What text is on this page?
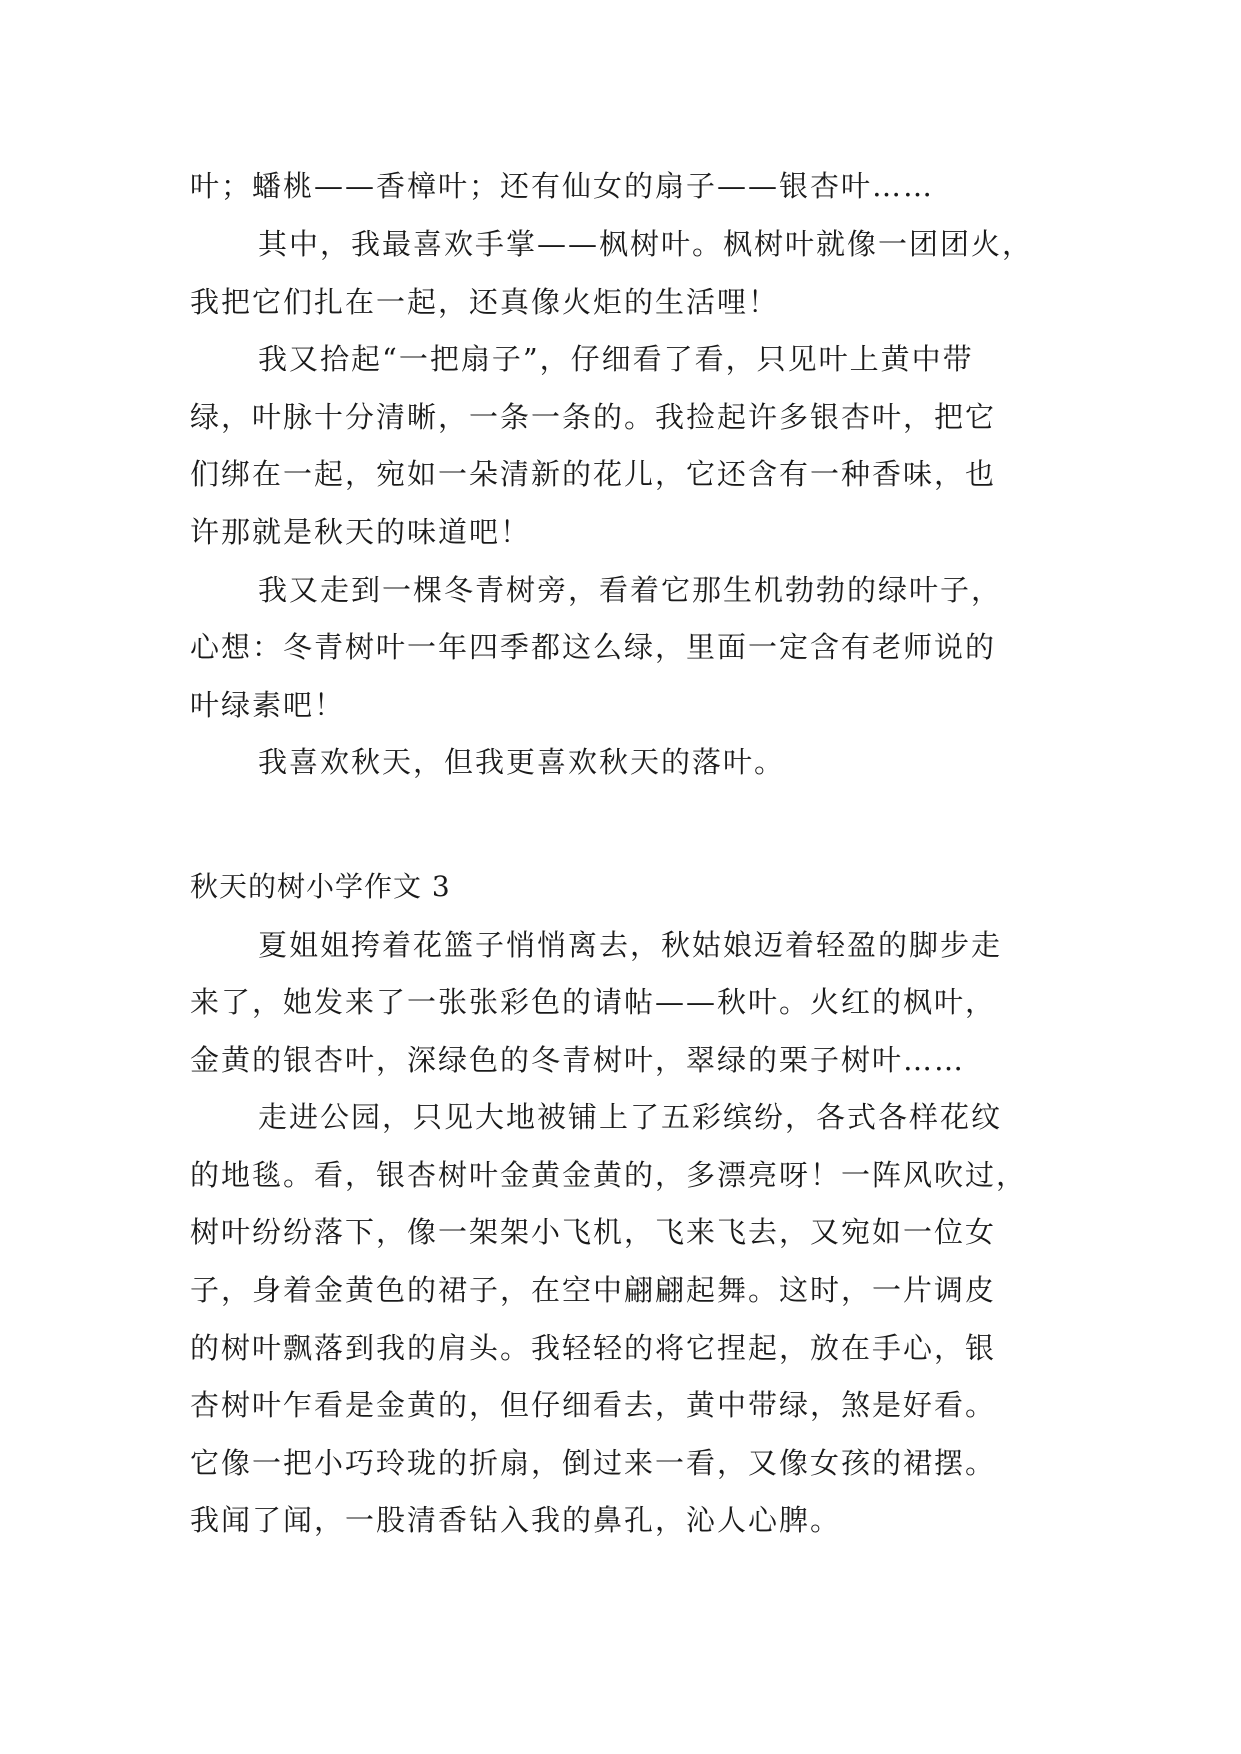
叶；蟠桃——香樟叶；还有仙女的扇子——银杏叶……
其中，我最喜欢手掌——枫树叶。枫树叶就像一团团火，
我把它们扎在一起，还真像火炬的生活哩！
我又拾起“一把扇子”，仔细看了看，只见叶上黄中带
绿，叶脉十分清晰，一条一条的。我捡起许多银杏叶，把它
们绑在一起，宛如一朵清新的花儿，它还含有一种香味，也
许那就是秋天的味道吧！
我又走到一棵冬青树旁，看着它那生机勃勃的绿叶子，
心想：冬青树叶一年四季都这么绿，里面一定含有老师说的
叶绿素吧！
我喜欢秋天，但我更喜欢秋天的落叶。
秋天的树小学作文 3
夏姐姐挎着花篮子悄悄离去，秋姑娘迈着轻盈的脚步走
来了，她发来了一张张彩色的请帖——秋叶。火红的枫叶，
金黄的银杏叶，深绿色的冬青树叶，翠绿的栗子树叶……
走进公园，只见大地被铺上了五彩缤纷，各式各样花纹
的地毯。看，银杏树叶金黄金黄的，多漂亮呀！一阵风吹过，
树叶纷纷落下，像一架架小飞机，飞来飞去，又宛如一位女
子，身着金黄色的裙子，在空中翩翩起舞。这时，一片调皮
的树叶飘落到我的肩头。我轻轻的将它捏起，放在手心，银
杏树叶乍看是金黄的，但仔细看去，黄中带绿，煞是好看。
它像一把小巧玲珑的折扇，倒过来一看，又像女孩的裙摆。
我闻了闻，一股清香钻入我的鼻孔，沁人心脾。
